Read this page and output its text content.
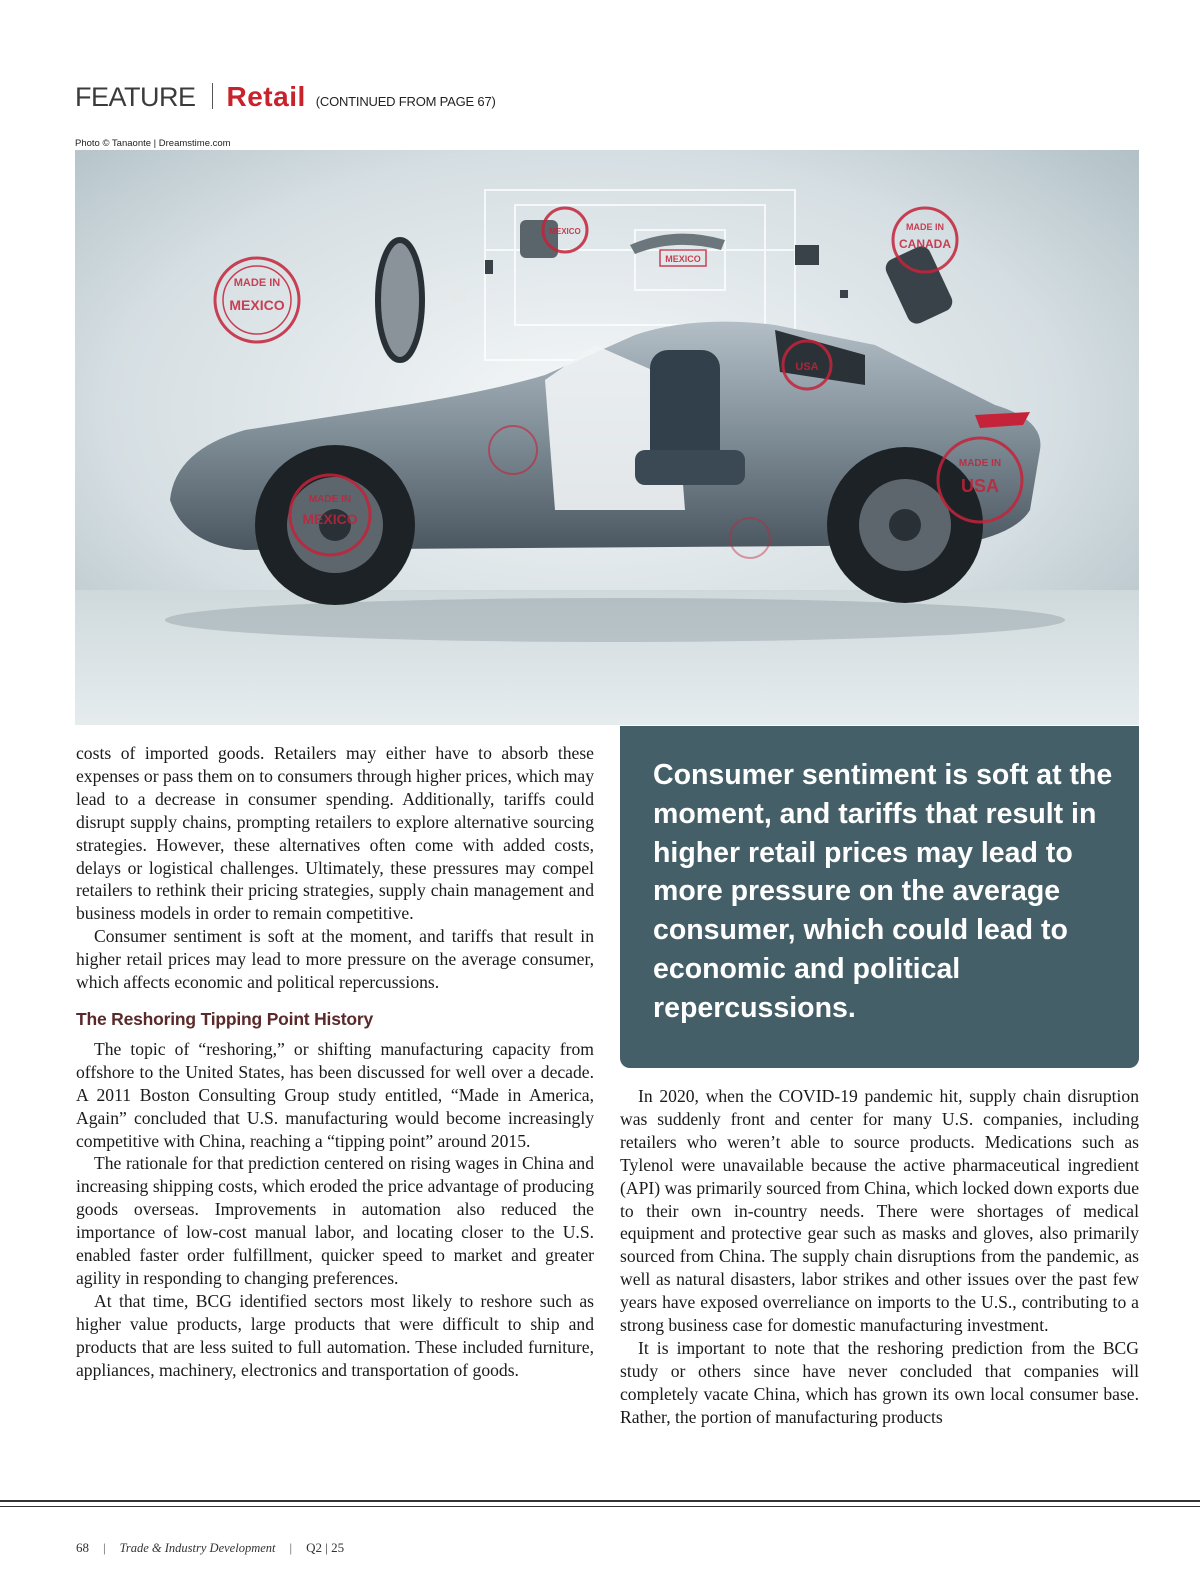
FEATURE Retail (CONTINUED FROM PAGE 67)
Photo © Tanaonte | Dreamstime.com
MADE IN
MEXICO
MEXICO
MEXICO
MADE IN
CANADA
USA
MADE IN
MEXICO
MADE IN
USA

costs of imported goods. Retailers may either have to absorb these expenses or pass them on to consumers through higher prices, which may lead to a decrease in consumer spending. Additionally, tariffs could disrupt supply chains, prompting retailers to explore alternative sourcing strategies. However, these alternatives often come with added costs, delays or logistical challenges. Ultimately, these pressures may compel retailers to rethink their pricing strategies, supply chain management and business models in order to remain competitive.

Consumer sentiment is soft at the moment, and tariffs that result in higher retail prices may lead to more pressure on the average consumer, which affects economic and political repercussions.

The Reshoring Tipping Point History

The topic of “reshoring,” or shifting manufacturing capacity from offshore to the United States, has been discussed for well over a decade. A 2011 Boston Consulting Group study entitled, “Made in America, Again” concluded that U.S. manufacturing would become increasingly competitive with China, reaching a “tipping point” around 2015.

The rationale for that prediction centered on rising wages in China and increasing shipping costs, which eroded the price advantage of producing goods overseas. Improvements in automation also reduced the importance of low-cost manual labor, and locating closer to the U.S. enabled faster order fulfillment, quicker speed to market and greater agility in responding to changing preferences.

At that time, BCG identified sectors most likely to reshore such as higher value products, large products that were difficult to ship and products that are less suited to full automation. These included furniture, appliances, machinery, electronics and transportation of goods.

Consumer sentiment is soft at the moment, and tariffs that result in higher retail prices may lead to more pressure on the average consumer, which could lead to economic and political repercussions.

In 2020, when the COVID-19 pandemic hit, supply chain disruption was suddenly front and center for many U.S. companies, including retailers who weren’t able to source products. Medications such as Tylenol were unavailable because the active pharmaceutical ingredient (API) was primarily sourced from China, which locked down exports due to their own in-country needs. There were shortages of medical equipment and protective gear such as masks and gloves, also primarily sourced from China. The supply chain disruptions from the pandemic, as well as natural disasters, labor strikes and other issues over the past few years have exposed overreliance on imports to the U.S., contributing to a strong business case for domestic manufacturing investment.

It is important to note that the reshoring prediction from the BCG study or others since have never concluded that companies will completely vacate China, which has grown its own local consumer base. Rather, the portion of manufacturing products

68 | Trade & Industry Development | Q2 | 25
